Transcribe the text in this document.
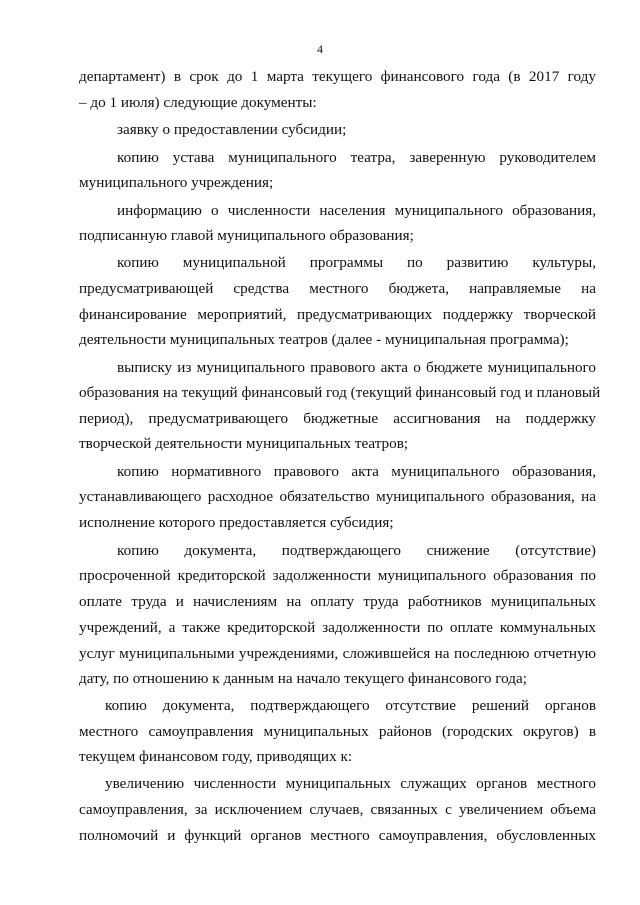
4
департамент) в срок до 1 марта текущего финансового года (в 2017 году
– до 1 июля) следующие документы:
заявку о предоставлении субсидии;
копию устава муниципального театра, заверенную руководителем
муниципального учреждения;
информацию о численности населения муниципального образования,
подписанную главой муниципального образования;
копию муниципальной программы по развитию культуры,
предусматривающей средства местного бюджета, направляемые на
финансирование мероприятий, предусматривающих поддержку творческой
деятельности муниципальных театров (далее - муниципальная программа);
выписку из муниципального правового акта о бюджете муниципального
образования на текущий финансовый год (текущий финансовый год и плановый
период), предусматривающего бюджетные ассигнования на поддержку
творческой деятельности муниципальных театров;
копию нормативного правового акта муниципального образования,
устанавливающего расходное обязательство муниципального образования, на
исполнение которого предоставляется субсидия;
копию документа, подтверждающего снижение (отсутствие)
просроченной кредиторской задолженности муниципального образования по
оплате труда и начислениям на оплату труда работников муниципальных
учреждений, а также кредиторской задолженности по оплате коммунальных
услуг муниципальными учреждениями, сложившейся на последнюю отчетную
дату, по отношению к данным на начало текущего финансового года;
копию документа, подтверждающего отсутствие решений органов
местного самоуправления муниципальных районов (городских округов) в
текущем финансовом году, приводящих к:
увеличению численности муниципальных служащих органов местного
самоуправления, за исключением случаев, связанных с увеличением объема
полномочий и функций органов местного самоуправления, обусловленных
